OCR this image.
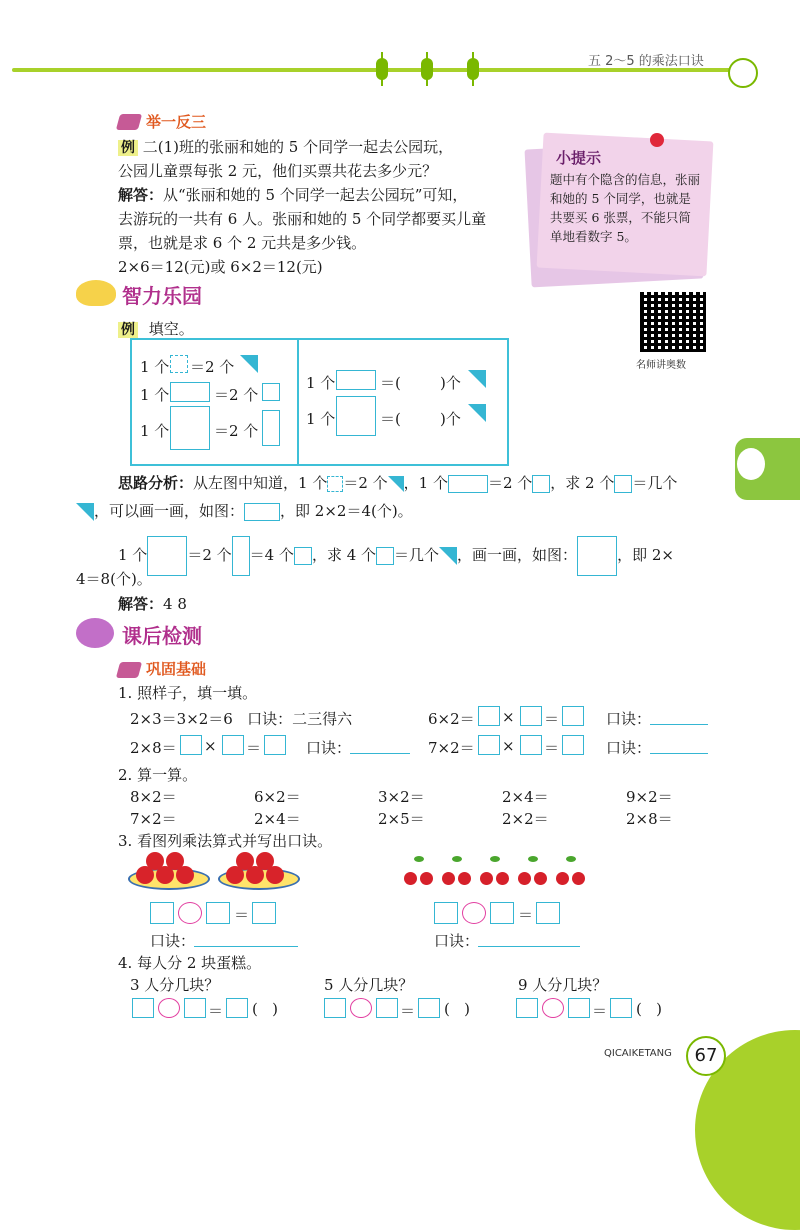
五 2～5 的乘法口诀
举一反三
例 二(1)班的张丽和她的 5 个同学一起去公园玩，
公园儿童票每张 2 元，他们买票共花去多少元？
解答：从“张丽和她的 5 个同学一起去公园玩”可知，
去游玩的一共有 6 人。张丽和她的 5 个同学都要买儿童
票，也就是求 6 个 2 元共是多少钱。
2×6＝12(元)或 6×2＝12(元)
小提示
题中有个隐含的信息，张丽和她的 5 个同学，也就是共要买 6 张票，不能只简单地看数字 5。
智力乐园
名师讲奥数
例 填空。
1 个 ＝2 个
1 个	＝2 个
1 个	＝2 个
1 个	＝(	)个
1 个	＝(	)个
思路分析：从左图中知道，1 个 ＝2 个 ，1 个	＝2 个 ，求 2 个 ＝几个
，可以画一画，如图： ，即 2×2＝4(个)。
1 个	＝2 个 ＝4 个 ，求 4 个 ＝几个 ，画一画，如图：	，即 2×
4＝8(个)。
解答：4 8
课后检测
巩固基础
1. 照样子，填一填。
2×3＝3×2＝6   口诀：二三得六	6×2＝ × ＝	口诀：
2×8＝ × ＝	口诀：	7×2＝ × ＝	口诀：
2. 算一算。
8×2＝	6×2＝	3×2＝	2×4＝	9×2＝
7×2＝	2×4＝	2×5＝	2×2＝	2×8＝
3. 看图列乘法算式并写出口诀。
＝
口诀：
＝
口诀：
4. 每人分 2 块蛋糕。
3 人分几块？	5 人分几块？	9 人分几块？
＝ (   )	＝ (   )	＝ (   )
QICAIKETANG	67
